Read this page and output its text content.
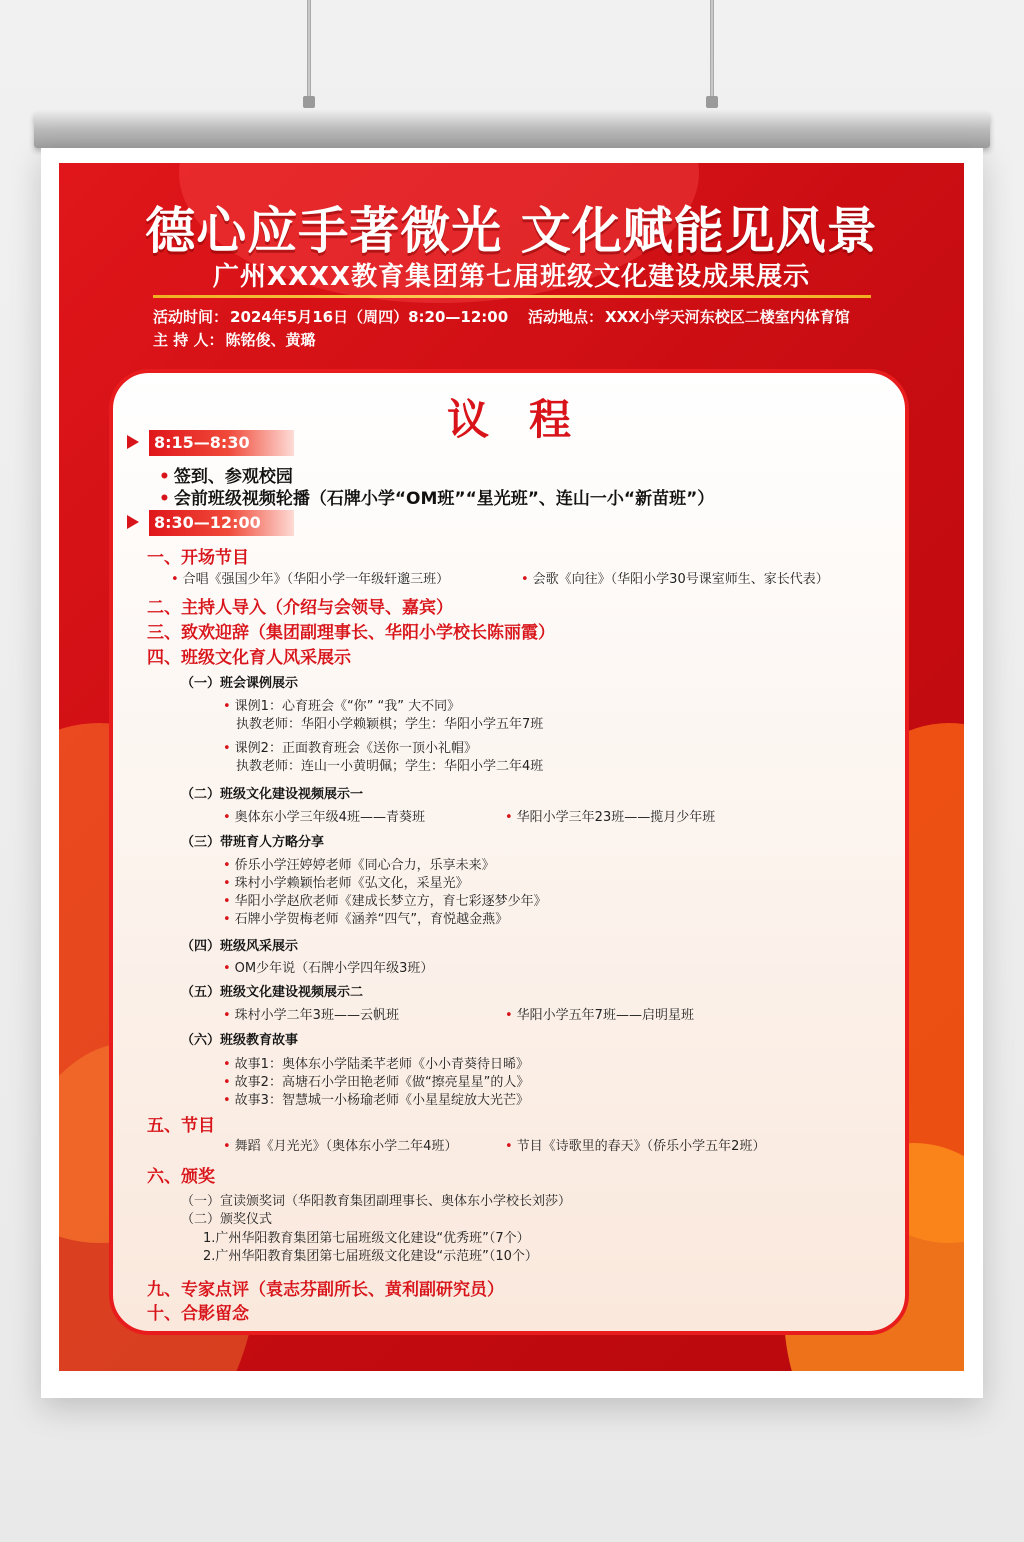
德心应手著微光 文化赋能见风景
广州XXXX教育集团第七届班级文化建设成果展示
活动时间： 2024年5月16日（周四）8:20—12:00 活动地点： XXX小学天河东校区二楼室内体育馆
主 持 人： 陈铭俊、黄璐
议程
8:15—8:30
• 签到、参观校园
• 会前班级视频轮播（石牌小学“OM班”“星光班”、连山一小“新苗班”）
8:30—12:00
一、开场节目
• 合唱《强国少年》（华阳小学一年级轩邈三班）	• 会歌《向往》（华阳小学30号课室师生、家长代表）
二、主持人导入（介绍与会领导、嘉宾）
三、致欢迎辞（集团副理事长、华阳小学校长陈丽霞）
四、班级文化育人风采展示
（一）班会课例展示
• 课例1：心育班会《“你” “我” 大不同》
执教老师：华阳小学赖颖棋；学生：华阳小学五年7班
• 课例2：正面教育班会《送你一顶小礼帽》
执教老师：连山一小黄明佩；学生：华阳小学二年4班
（二）班级文化建设视频展示一
• 奥体东小学三年级4班——青葵班	• 华阳小学三年23班——揽月少年班
（三）带班育人方略分享
• 侨乐小学汪婷婷老师《同心合力，乐享未来》
• 珠村小学赖颖怡老师《弘文化，采星光》
• 华阳小学赵欣老师《建成长梦立方，育七彩逐梦少年》
• 石牌小学贺梅老师《涵养“四气”，育悦越金燕》
（四）班级风采展示
• OM少年说（石牌小学四年级3班）
（五）班级文化建设视频展示二
• 珠村小学二年3班——云帆班	• 华阳小学五年7班——启明星班
（六）班级教育故事
• 故事1：奥体东小学陆柔芊老师《小小青葵待日晞》
• 故事2：高塘石小学田艳老师《做“擦亮星星”的人》
• 故事3：智慧城一小杨瑜老师《小星星绽放大光芒》
五、节目
• 舞蹈《月光光》（奥体东小学二年4班）	• 节目《诗歌里的春天》（侨乐小学五年2班）
六、颁奖
（一）宣读颁奖词（华阳教育集团副理事长、奥体东小学校长刘莎）
（二）颁奖仪式
1.广州华阳教育集团第七届班级文化建设“优秀班”（7个）
2.广州华阳教育集团第七届班级文化建设“示范班”（10个）
九、专家点评（袁志芬副所长、黄利副研究员）
十、合影留念
